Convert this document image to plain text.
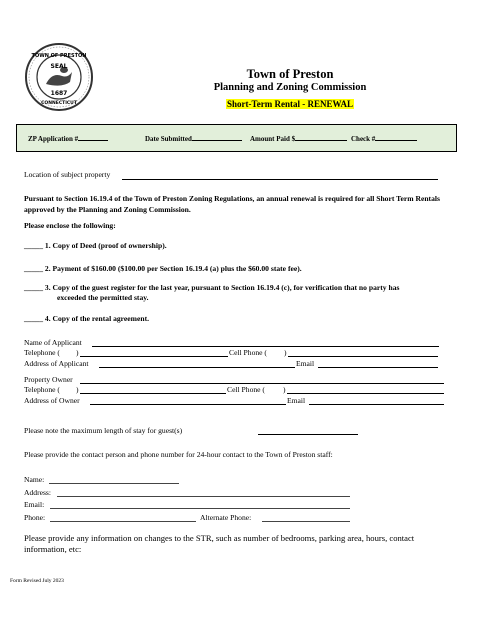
TOWN OF PRESTON
CONNECTICUT
SEAL
1687
Town of Preston
Planning and Zoning Commission
Short-Term Rental - RENEWAL
ZP Application #	Date Submitted	Amount Paid $	Check #
Location of subject property
Pursuant to Section 16.19.4 of the Town of Preston Zoning Regulations, an annual renewal is required for all Short Term Rentals approved by the Planning and Zoning Commission.
Please enclose the following:
_____ 1. Copy of Deed (proof of ownership).
_____ 2. Payment of $160.00 ($100.00 per Section 16.19.4 (a) plus the $60.00 state fee).
_____ 3. Copy of the guest register for the last year, pursuant to Section 16.19.4 (c), for verification that no party has
exceeded the permitted stay.
_____ 4. Copy of the rental agreement.
Name of Applicant
Telephone ( )	Cell Phone ( )
Address of Applicant	Email
Property Owner
Telephone ( )	Cell Phone ( )
Address of Owner	Email
Please note the maximum length of stay for guest(s)
Please provide the contact person and phone number for 24-hour contact to the Town of Preston staff:
Name:
Address:
Email:
Phone:	Alternate Phone:
Please provide any information on changes to the STR, such as number of bedrooms, parking area, hours, contact information, etc:
Form Revised July 2023
